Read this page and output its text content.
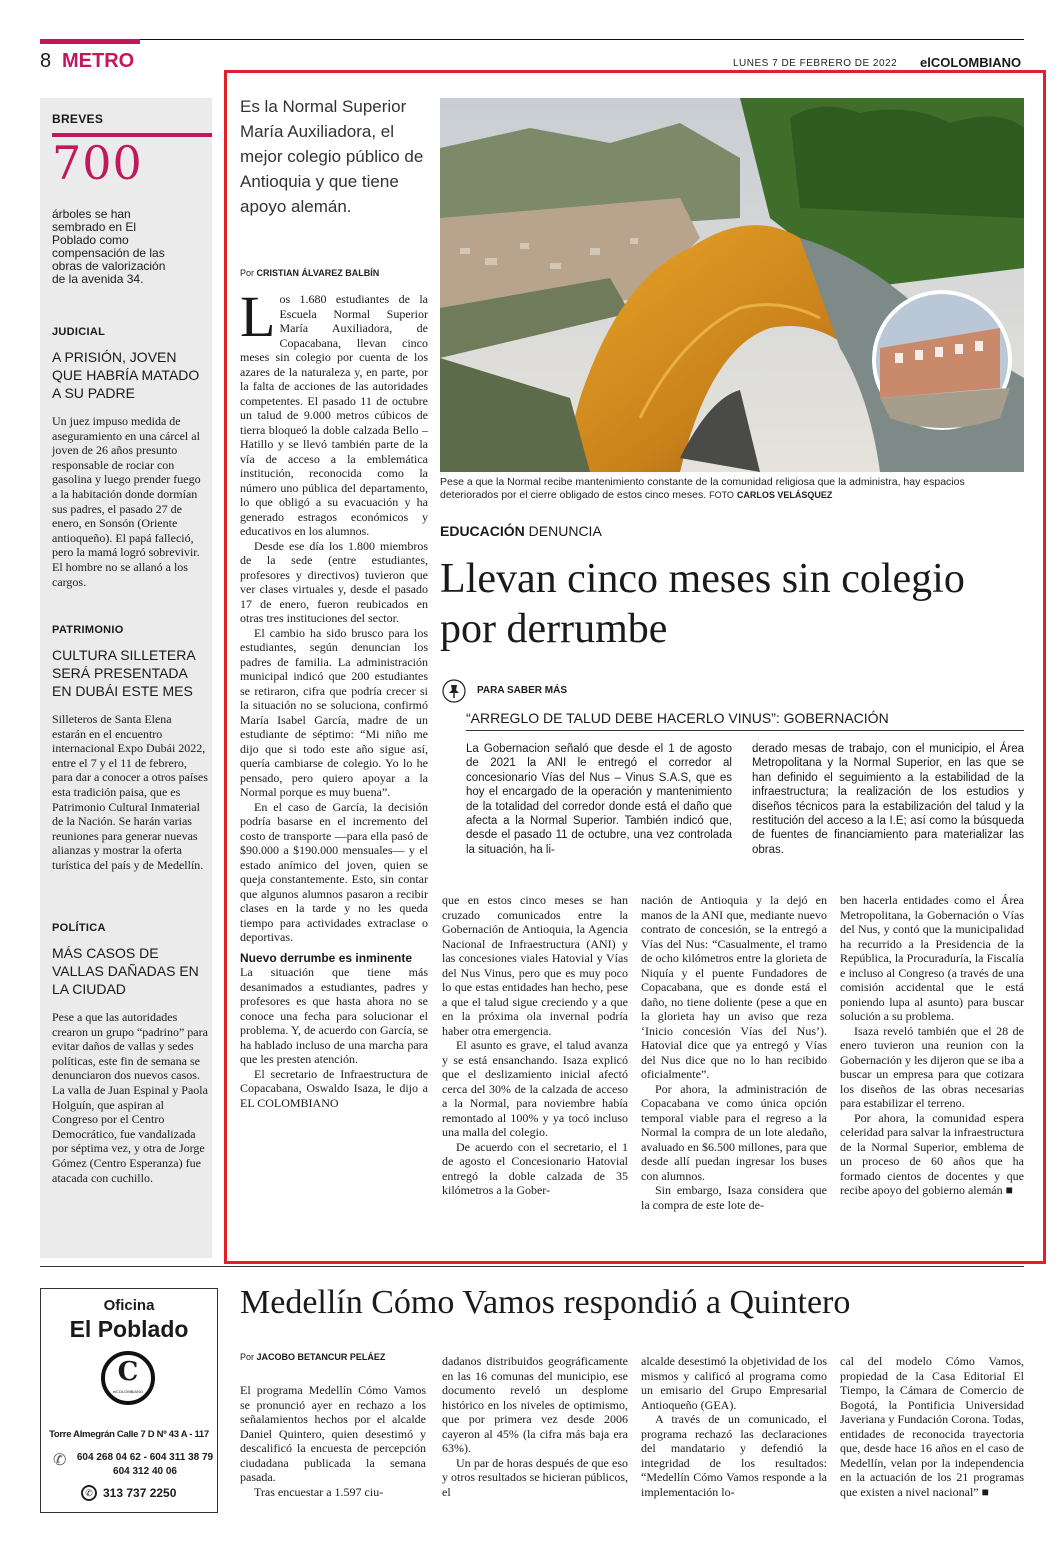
8 METRO	LUNES 7 DE FEBRERO DE 2022 elCOLOMBIANO
BREVES
700
árboles se han sembrado en El Poblado como compensación de las obras de valorización de la avenida 34.
JUDICIAL
A PRISIÓN, JOVEN QUE HABRÍA MATADO A SU PADRE
Un juez impuso medida de aseguramiento en una cárcel al joven de 26 años presunto responsable de rociar con gasolina y luego prender fuego a la habitación donde dormían sus padres, el pasado 27 de enero, en Sonsón (Oriente antioqueño). El papá falleció, pero la mamá logró sobrevivir. El hombre no se allanó a los cargos.
PATRIMONIO
CULTURA SILLETERA SERÁ PRESENTADA EN DUBÁI ESTE MES
Silleteros de Santa Elena estarán en el encuentro internacional Expo Dubái 2022, entre el 7 y el 11 de febrero, para dar a conocer a otros países esta tradición paisa, que es Patrimonio Cultural Inmaterial de la Nación. Se harán varias reuniones para generar nuevas alianzas y mostrar la oferta turística del país y de Medellín.
POLÍTICA
MÁS CASOS DE VALLAS DAÑADAS EN LA CIUDAD
Pese a que las autoridades crearon un grupo “padrino” para evitar daños de vallas y sedes políticas, este fin de semana se denunciaron dos nuevos casos. La valla de Juan Espinal y Paola Holguín, que aspiran al Congreso por el Centro Democrático, fue vandalizada por séptima vez, y otra de Jorge Gómez (Centro Esperanza) fue atacada con cuchillo.
Es la Normal Superior María Auxiliadora, el mejor colegio público de Antioquia y que tiene apoyo alemán.
Por CRISTIAN ÁLVAREZ BALBÍN

Los 1.680 estudiantes de la Escuela Normal Superior María Auxiliadora, de Copacabana, llevan cinco meses sin colegio por cuenta de los azares de la naturaleza y, en parte, por la falta de acciones de las autoridades competentes. El pasado 11 de octubre un talud de 9.000 metros cúbicos de tierra bloqueó la doble calzada Bello – Hatillo y se llevó también parte de la vía de acceso a la emblemática institución, reconocida como la número uno pública del departamento, lo que obligó a su evacuación y ha generado estragos económicos y educativos en los alumnos.

Desde ese día los 1.800 miembros de la sede (entre estudiantes, profesores y directivos) tuvieron que ver clases virtuales y, desde el pasado 17 de enero, fueron reubicados en otras tres instituciones del sector.

El cambio ha sido brusco para los estudiantes, según denuncian los padres de familia. La administración municipal indicó que 200 estudiantes se retiraron, cifra que podría crecer si la situación no se soluciona, confirmó María Isabel García, madre de un estudiante de séptimo: “Mi niño me dijo que si todo este año sigue así, quería cambiarse de colegio. Yo lo he pensado, pero quiero apoyar a la Normal porque es muy buena”.

En el caso de García, la decisión podría basarse en el incremento del costo de transporte —para ella pasó de $90.000 a $190.000 mensuales— y el estado anímico del joven, quien se queja constantemente. Esto, sin contar que algunos alumnos pasaron a recibir clases en la tarde y no les queda tiempo para actividades extraclase o deportivas.

Nuevo derrumbe es inminente

La situación que tiene más desanimados a estudiantes, padres y profesores es que hasta ahora no se conoce una fecha para solucionar el problema. Y, de acuerdo con García, se ha hablado incluso de una marcha para que les presten atención.

El secretario de Infraestructura de Copacabana, Oswaldo Isaza, le dijo a EL COLOMBIANO

Pese a que la Normal recibe mantenimiento constante de la comunidad religiosa que la administra, hay espacios deteriorados por el cierre obligado de estos cinco meses. FOTO CARLOS VELÁSQUEZ
EDUCACIÓN DENUNCIA
Llevan cinco meses sin colegio por derrumbe
PARA SABER MÁS
“ARREGLO DE TALUD DEBE HACERLO VINUS”: GOBERNACIÓN
La Gobernacion señaló que desde el 1 de agosto de 2021 la ANI le entregó el corredor al concesionario Vías del Nus – Vinus S.A.S, que es hoy el encargado de la operación y mantenimiento de la totalidad del corredor donde está el daño que afecta a la Normal Superior. También indicó que, desde el pasado 11 de octubre, una vez controlada la situación, ha li-
derado mesas de trabajo, con el municipio, el Área Metropolitana y la Normal Superior, en las que se han definido el seguimiento a la estabilidad de la infraestructura; la realización de los estudios y diseños técnicos para la estabilización del talud y la restitución del acceso a la I.E; así como la búsqueda de fuentes de financiamiento para materializar las obras.

que en estos cinco meses se han cruzado comunicados entre la Gobernación de Antioquia, la Agencia Nacional de Infraestructura (ANI) y las concesiones viales Hatovial y Vías del Nus Vinus, pero que es muy poco lo que estas entidades han hecho, pese a que el talud sigue creciendo y a que en la próxima ola invernal podría haber otra emergencia.

El asunto es grave, el talud avanza y se está ensanchando. Isaza explicó que el deslizamiento inicial afectó cerca del 30% de la calzada de acceso a la Normal, para noviembre había remontado al 100% y ya tocó incluso una malla del colegio.

De acuerdo con el secretario, el 1 de agosto el Concesionario Hatovial entregó la doble calzada de 35 kilómetros a la Gober-

nación de Antioquia y la dejó en manos de la ANI que, mediante nuevo contrato de concesión, se la entregó a Vías del Nus: “Casualmente, el tramo de ocho kilómetros entre la glorieta de Niquía y el puente Fundadores de Copacabana, que es donde está el daño, no tiene doliente (pese a que en la glorieta hay un aviso que reza ‘Inicio concesión Vías del Nus’). Hatovial dice que ya entregó y Vías del Nus dice que no lo han recibido oficialmente”.

Por ahora, la administración de Copacabana ve como única opción temporal viable para el regreso a la Normal la compra de un lote aledaño, avaluado en $6.500 millones, para que desde allí puedan ingresar los buses con alumnos.

Sin embargo, Isaza considera que la compra de este lote de-

ben hacerla entidades como el Área Metropolitana, la Gobernación o Vías del Nus, y contó que la municipalidad ha recurrido a la Presidencia de la República, la Procuraduría, la Fiscalía e incluso al Congreso (a través de una comisión accidental que le está poniendo lupa al asunto) para buscar solución a su problema.

Isaza reveló también que el 28 de enero tuvieron una reunion con la Gobernación y les dijeron que se iba a buscar un empresa para que cotizara los diseños de las obras necesarias para estabilizar el terreno.

Por ahora, la comunidad espera celeridad para salvar la infraestructura de la Normal Superior, emblema de un proceso de 60 años que ha formado cientos de docentes y que recibe apoyo del gobierno alemán ■

Oficina
El Poblado
C
elCOLOMBIANO
Torre Almegrán Calle 7 D Nº 43 A - 117
✆ 604 268 04 62 - 604 311 38 79
604 312 40 06
✆ 313 737 2250
Medellín Cómo Vamos respondió a Quintero
Por JACOBO BETANCUR PELÁEZ

El programa Medellín Cómo Vamos se pronunció ayer en rechazo a los señalamientos hechos por el alcalde Daniel Quintero, quien desestimó y descalificó la encuesta de percepción ciudadana publicada la semana pasada.

Tras encuestar a 1.597 ciu-

dadanos distribuidos geográficamente en las 16 comunas del municipio, ese documento reveló un desplome histórico en los niveles de optimismo, que por primera vez desde 2006 cayeron al 45% (la cifra más baja era 63%).

Un par de horas después de que eso y otros resultados se hicieran públicos, el

alcalde desestimó la objetividad de los mismos y calificó al programa como un emisario del Grupo Empresarial Antioqueño (GEA).

A través de un comunicado, el programa rechazó las declaraciones del mandatario y defendió la integridad de los resultados: “Medellín Cómo Vamos responde a la implementación lo-

cal del modelo Cómo Vamos, propiedad de la Casa Editorial El Tiempo, la Cámara de Comercio de Bogotá, la Pontificia Universidad Javeriana y Fundación Corona. Todas, entidades de reconocida trayectoria que, desde hace 16 años en el caso de Medellín, velan por la independencia en la actuación de los 21 programas que existen a nivel nacional” ■
